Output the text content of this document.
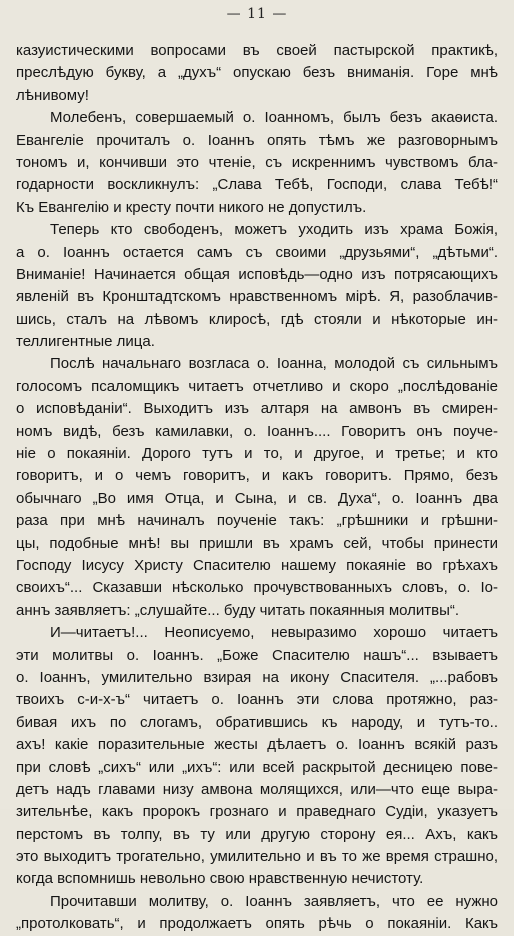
— 11 —
казуистическими вопросами въ своей пастырской практикѣ,
преслѣдую букву, а „духъ“ опускаю безъ вниманія. Горе мнѣ
лѣнивому!
Молебенъ, совершаемый о. Іоанномъ, былъ безъ акаѳиста.
Евангеліе прочиталъ о. Іоаннъ опять тѣмъ же разговорнымъ
тономъ и, кончивши это чтеніе, съ искреннимъ чувствомъ бла-
годарности воскликнулъ: „Слава Тебѣ, Господи, слава Тебѣ!“
Къ Евангелію и кресту почти никого не допустилъ.
Теперь кто свободенъ, можетъ уходить изъ храма Божія,
а о. Іоаннъ остается самъ съ своими „друзьями“, „дѣтьми“.
Вниманіе! Начинается общая исповѣдь—одно изъ потрясающихъ
явленій въ Кронштадтскомъ нравственномъ мірѣ. Я, разоблачив-
шись, сталъ на лѣвомъ клиросѣ, гдѣ стояли и нѣкоторые ин-
теллигентные лица.
Послѣ начальнаго возгласа о. Іоанна, молодой съ сильнымъ
голосомъ псаломщикъ читаетъ отчетливо и скоро „послѣдованіе
о исповѣданіи“. Выходитъ изъ алтаря на амвонъ въ смирен-
номъ видѣ, безъ камилавки, о. Іоаннъ.... Говоритъ онъ поуче-
ніе о покаяніи. Дорого тутъ и то, и другое, и третье; и кто
говоритъ, и о чемъ говоритъ, и какъ говоритъ. Прямо, безъ
обычнаго „Во имя Отца, и Сына, и св. Духа“, о. Іоаннъ два
раза при мнѣ начиналъ поученіе такъ: „грѣшники и грѣшни-
цы, подобные мнѣ! вы пришли въ храмъ сей, чтобы принести
Господу Іисусу Христу Спасителю нашему покаяніе во грѣхахъ
своихъ“... Сказавши нѣсколько прочувствованныхъ словъ, о. Іо-
аннъ заявляетъ: „слушайте... буду читать покаянныя молитвы“.
И—читаетъ!... Неописуемо, невыразимо хорошо читаетъ
эти молитвы о. Іоаннъ. „Боже Спасителю нашъ“... взываетъ
о. Іоаннъ, умилительно взирая на икону Спасителя. „...рабовъ
твоихъ с-и-х-ъ“ читаетъ о. Іоаннъ эти слова протяжно, раз-
бивая ихъ по слогамъ, обратившись къ народу, и тутъ-то..
ахъ! какіе поразительные жесты дѣлаетъ о. Іоаннъ всякій разъ
при словѣ „сихъ“ или „ихъ“: или всей раскрытой десницею пове-
детъ надъ главами низу амвона молящихся, или—что еще выра-
зительнѣе, какъ пророкъ грознаго и праведнаго Судіи, указуетъ
перстомъ въ толпу, въ ту или другую сторону ея... Ахъ, какъ
это выходитъ трогательно, умилительно и въ то же время страшно,
когда вспомнишь невольно свою нравственную нечистоту.
Прочитавши молитву, о. Іоаннъ заявляетъ, что ее нужно
„протолковать“, и продолжаетъ опять рѣчь о покаяніи. Какъ
